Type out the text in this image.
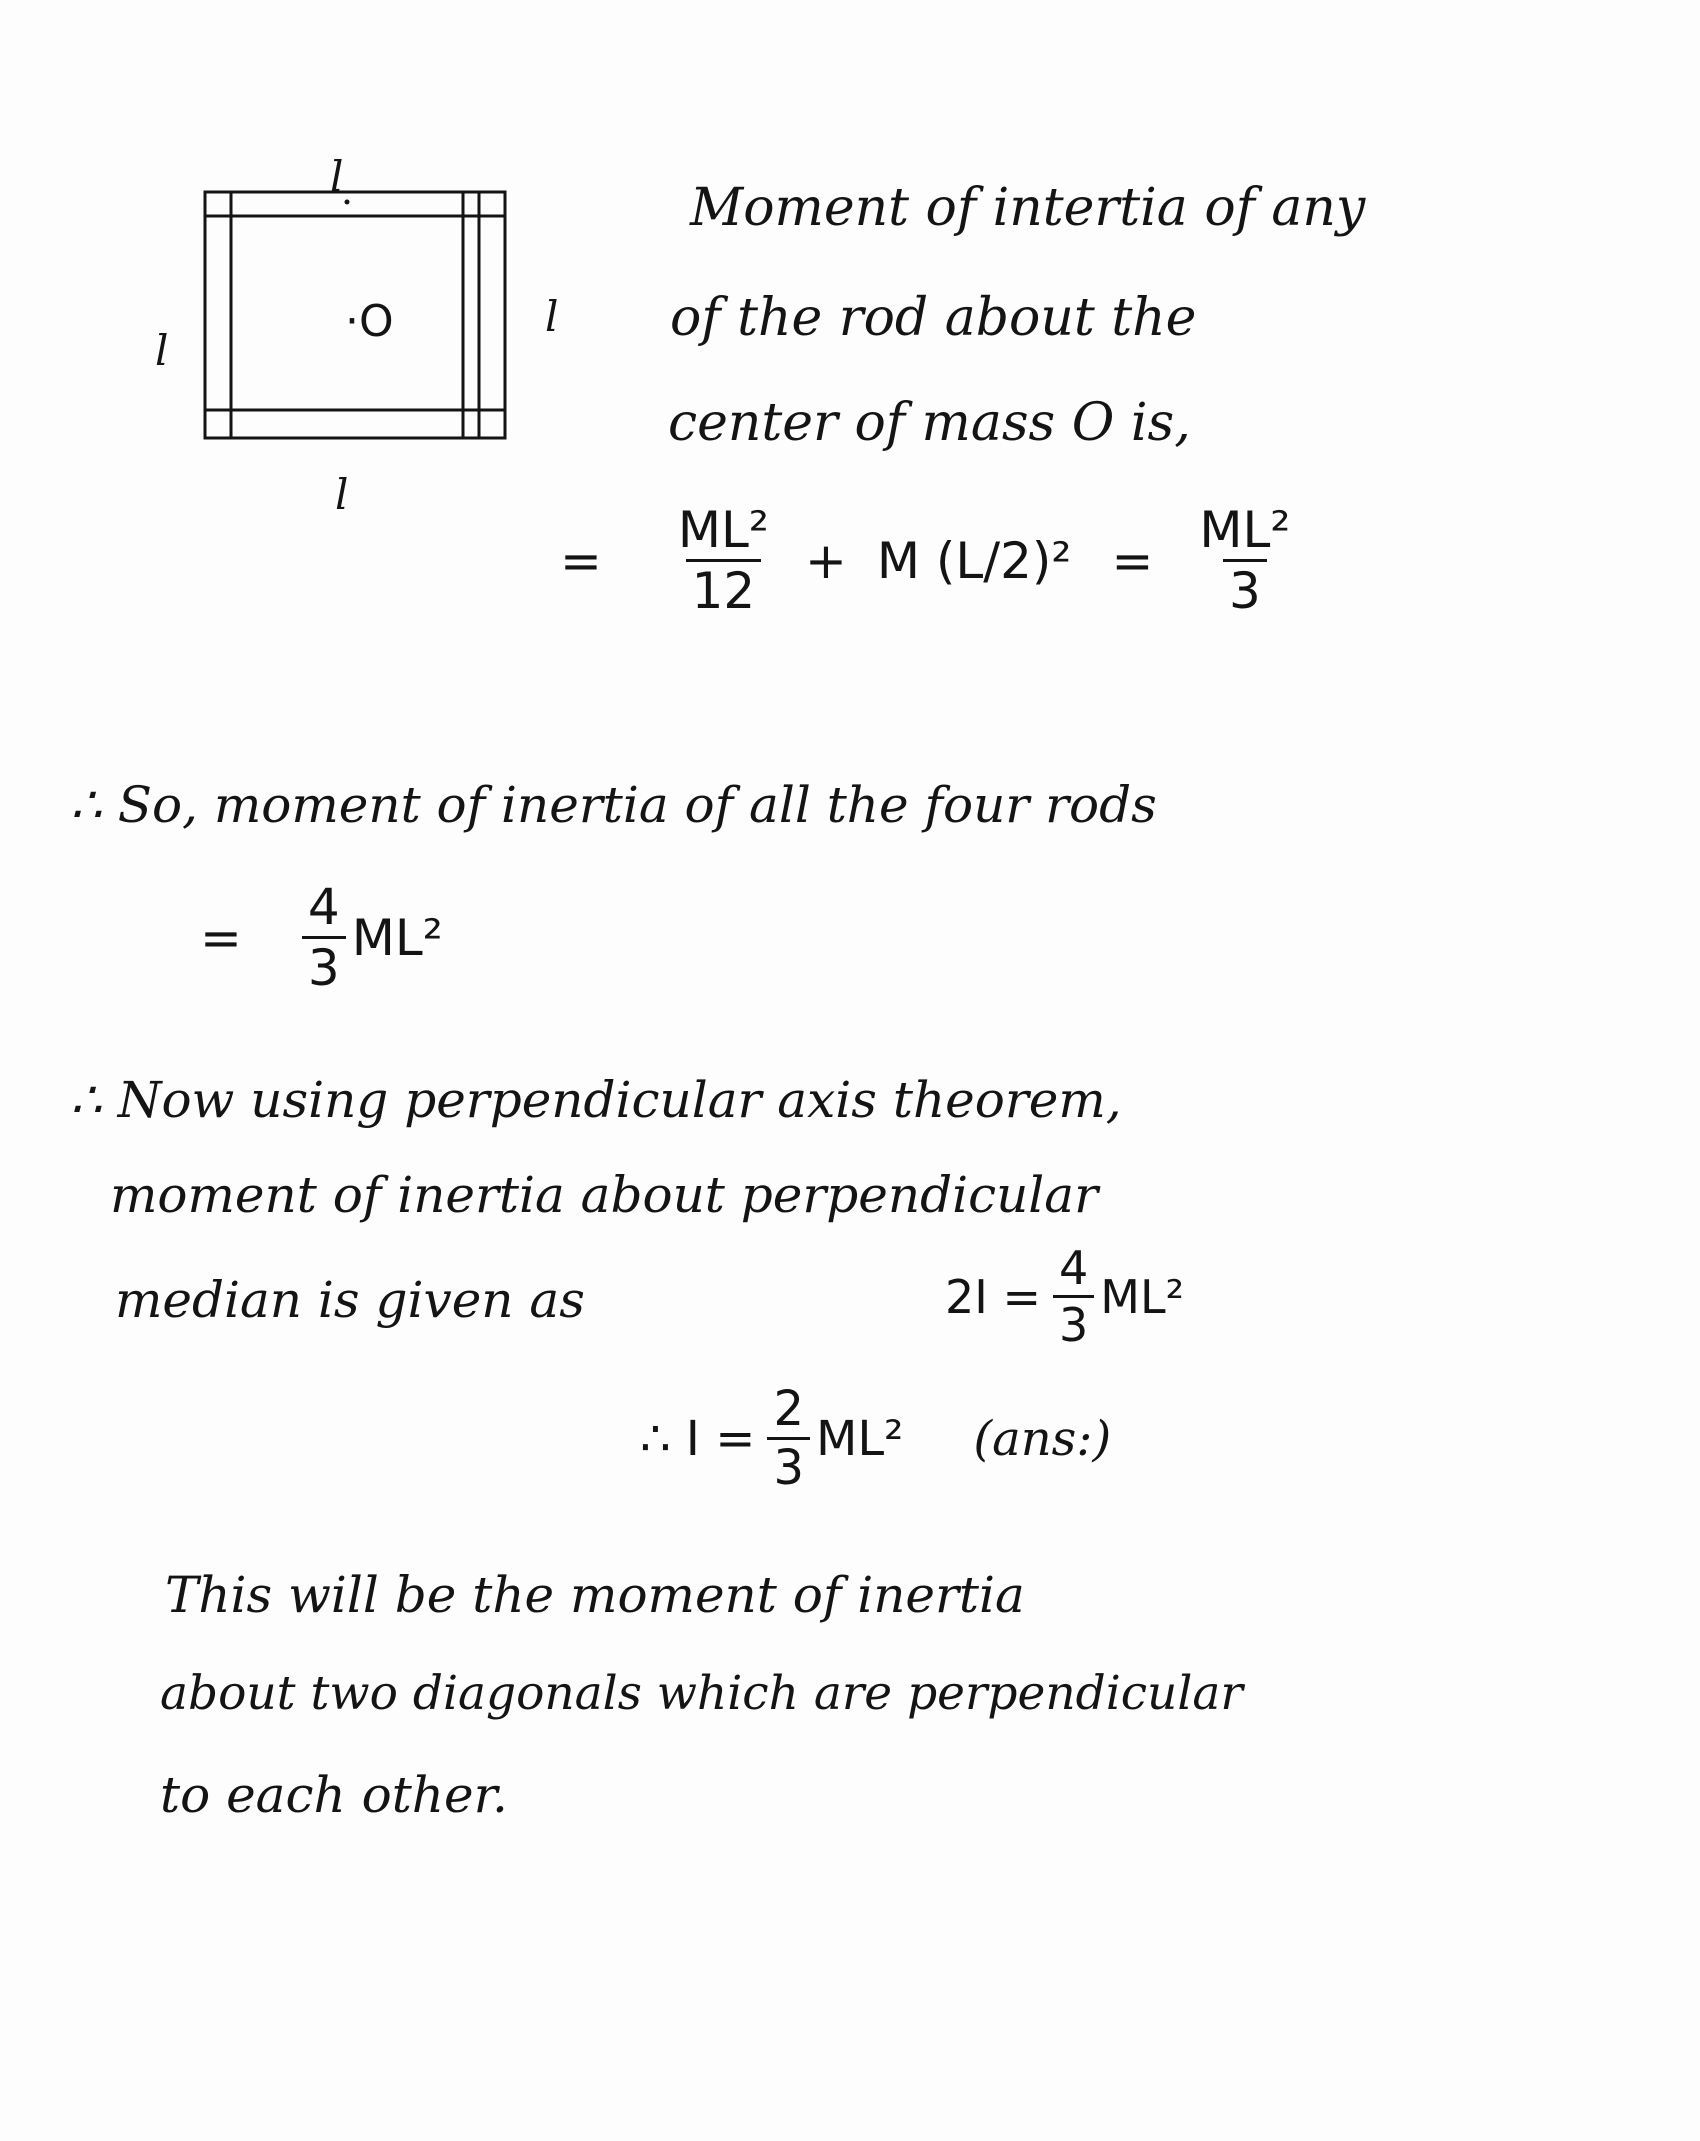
l
l
l
l
·O
Moment of intertia of any
of the rod about the
center of mass O is,
= $\frac{\text{ML²}}{12} + M$ $(L/2)^2 = \frac{\text{ML²}}{3}$
∴ So, moment of inertia of all the four rods
= $\frac{4}{3} ML^2$
∴ Now using perpendicular axis theorem,
moment of inertia about perpendicular
median is given as	$2I = \frac{4}{3} ML^2$
∴ $I = \frac{2}{3} ML^2$ (ans:)
This will be the moment of inertia
about two diagonals which are perpendicular
to each other.
